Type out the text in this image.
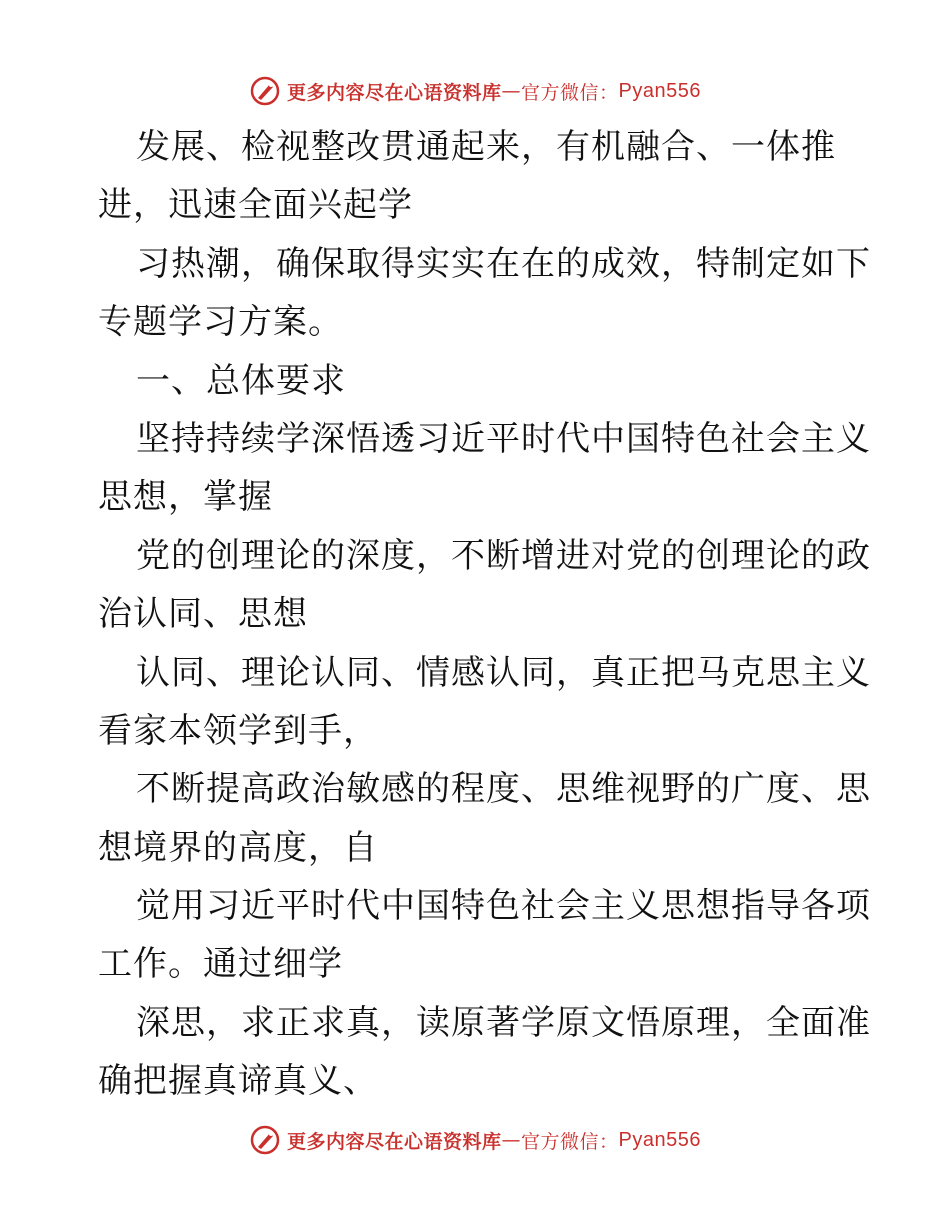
更多内容尽在心语资料库 — 官方微信： Pyan556
发展、检视整改贯通起来，有机融合、一体推
进，迅速全面兴起学
习热潮，确保取得实实在在的成效，特制定如下
专题学习方案。
一、总体要求
坚持持续学深悟透习近平时代中国特色社会主义
思想，掌握
党的创理论的深度，不断增进对党的创理论的政
治认同、思想
认同、理论认同、情感认同，真正把马克思主义
看家本领学到手，
不断提高政治敏感的程度、思维视野的广度、思
想境界的高度，自
觉用习近平时代中国特色社会主义思想指导各项
工作。通过细学
深思，求正求真，读原著学原文悟原理，全面准
确把握真谛真义、
更多内容尽在心语资料库 — 官方微信： Pyan556
